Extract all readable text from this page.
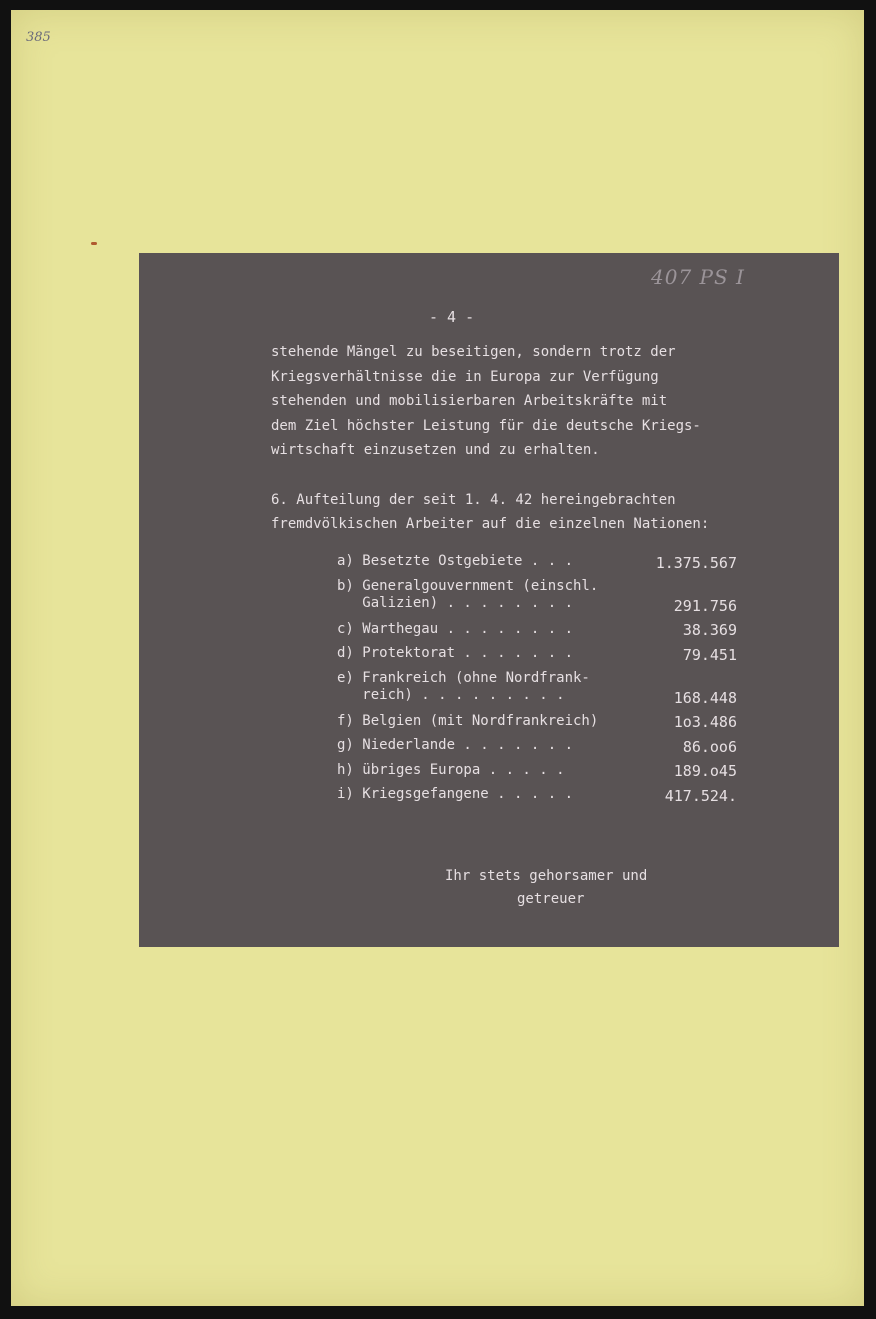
385
407 PS I
- 4 -
stehende Mängel zu beseitigen, sondern trotz der
Kriegsverhältnisse die in Europa zur Verfügung
stehenden und mobilisierbaren Arbeitskräfte mit
dem Ziel höchster Leistung für die deutsche Kriegs-
wirtschaft einzusetzen und zu erhalten.
6. Aufteilung der seit 1. 4. 42 hereingebrachten
fremdvölkischen Arbeiter auf die einzelnen Nationen:
a) Besetzte Ostgebiete . . .	1.375.567
b) Generalgouvernment (einschl.
Galizien) . . . . . . . .	291.756
c) Warthegau . . . . . . . .	38.369
d) Protektorat . . . . . . .	79.451
e) Frankreich (ohne Nordfrank-
reich) . . . . . . . . .	168.448
f) Belgien (mit Nordfrankreich)	1o3.486
g) Niederlande . . . . . . .	86.oo6
h) übriges Europa . . . . .	189.o45
i) Kriegsgefangene . . . . .	417.524.
Ihr stets gehorsamer und
getreuer
